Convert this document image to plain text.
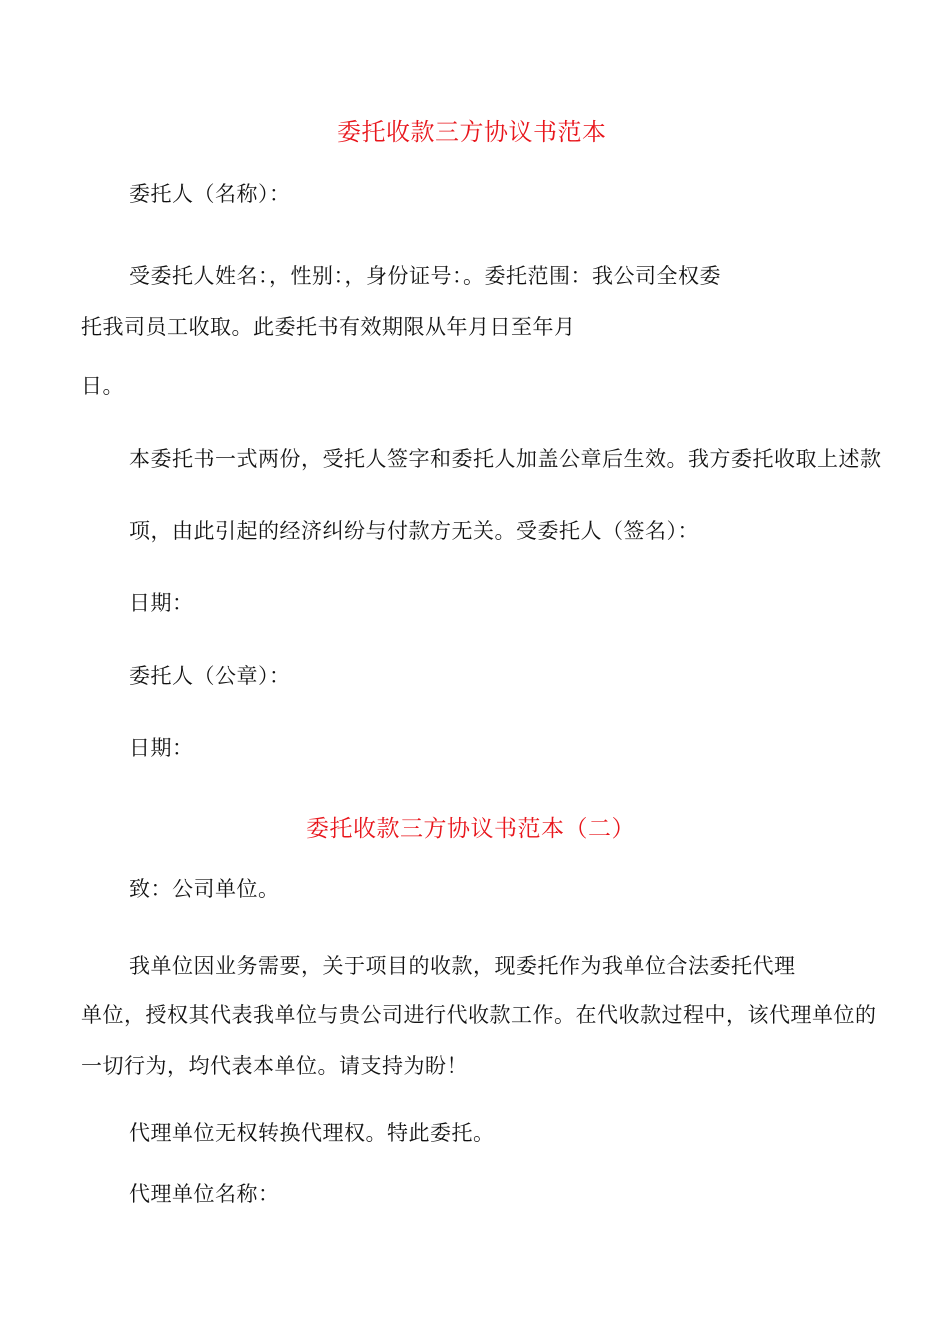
委托收款三方协议书范本
委托人（名称）：
受委托人姓名：，性别：，身份证号：。委托范围：我公司全权委
托我司员工收取。此委托书有效期限从年月日至年月
日。
本委托书一式两份，受托人签字和委托人加盖公章后生效。我方委托收取上述款
项，由此引起的经济纠纷与付款方无关。受委托人（签名）：
日期：
委托人（公章）：
日期：
委托收款三方协议书范本（二）
致：公司单位。
我单位因业务需要，关于项目的收款，现委托作为我单位合法委托代理
单位，授权其代表我单位与贵公司进行代收款工作。在代收款过程中，该代理单位的
一切行为，均代表本单位。请支持为盼！
代理单位无权转换代理权。特此委托。
代理单位名称：
